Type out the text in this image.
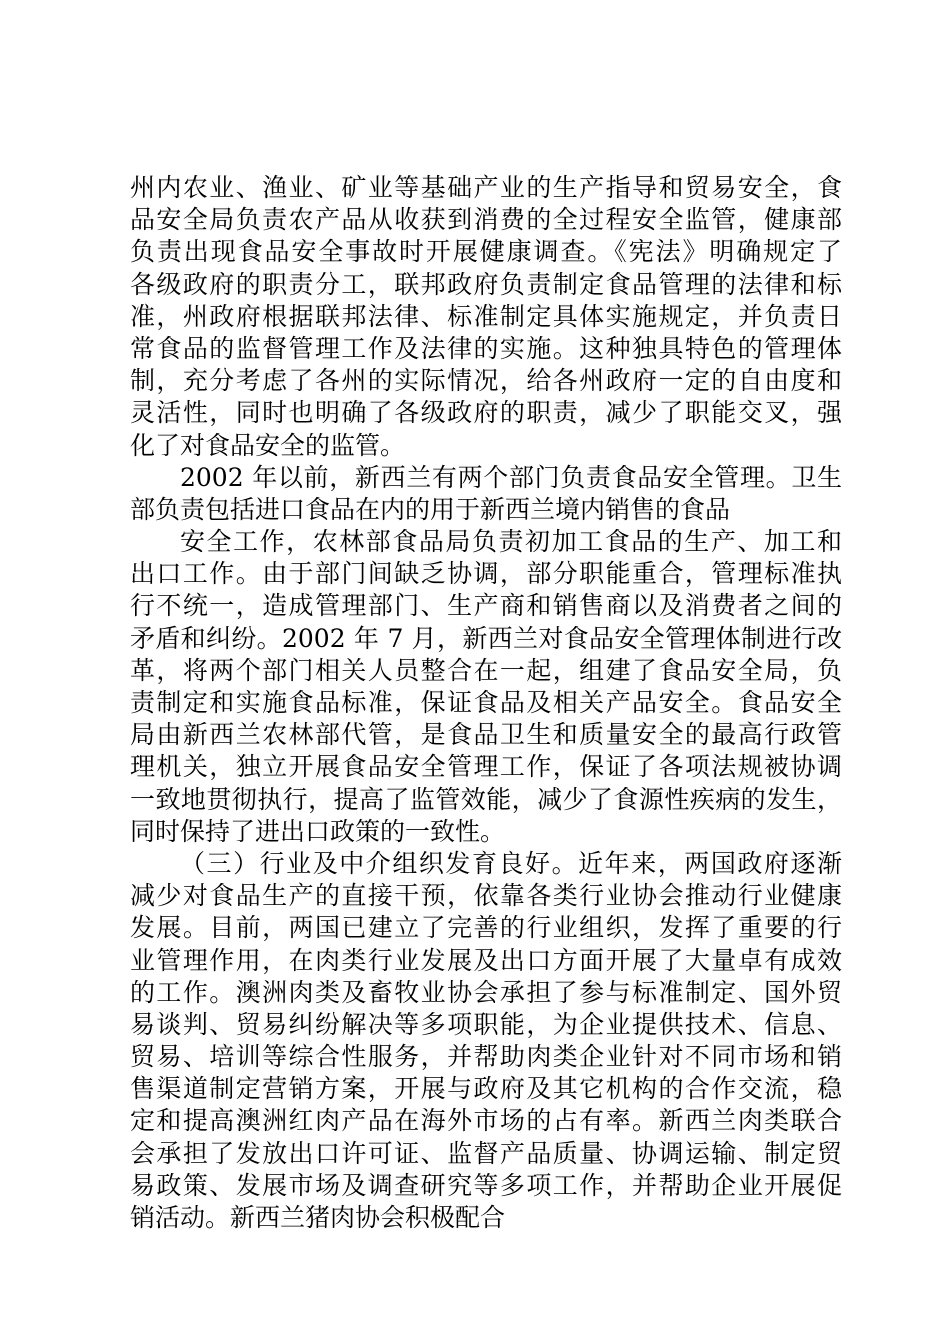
州内农业、渔业、矿业等基础产业的生产指导和贸易安全，食
品安全局负责农产品从收获到消费的全过程安全监管，健康部
负责出现食品安全事故时开展健康调查。《宪法》明确规定了
各级政府的职责分工，联邦政府负责制定食品管理的法律和标
准，州政府根据联邦法律、标准制定具体实施规定，并负责日
常食品的监督管理工作及法律的实施。这种独具特色的管理体
制，充分考虑了各州的实际情况，给各州政府一定的自由度和
灵活性，同时也明确了各级政府的职责，减少了职能交叉，强
化了对食品安全的监管。
2002 年以前，新西兰有两个部门负责食品安全管理。卫生
部负责包括进口食品在内的用于新西兰境内销售的食品
安全工作，农林部食品局负责初加工食品的生产、加工和
出口工作。由于部门间缺乏协调，部分职能重合，管理标准执
行不统一，造成管理部门、生产商和销售商以及消费者之间的
矛盾和纠纷。2002 年 7 月，新西兰对食品安全管理体制进行改
革，将两个部门相关人员整合在一起，组建了食品安全局，负
责制定和实施食品标准，保证食品及相关产品安全。食品安全
局由新西兰农林部代管，是食品卫生和质量安全的最高行政管
理机关，独立开展食品安全管理工作，保证了各项法规被协调
一致地贯彻执行，提高了监管效能，减少了食源性疾病的发生，
同时保持了进出口政策的一致性。
（三）行业及中介组织发育良好。近年来，两国政府逐渐
减少对食品生产的直接干预，依靠各类行业协会推动行业健康
发展。目前，两国已建立了完善的行业组织，发挥了重要的行
业管理作用，在肉类行业发展及出口方面开展了大量卓有成效
的工作。澳洲肉类及畜牧业协会承担了参与标准制定、国外贸
易谈判、贸易纠纷解决等多项职能，为企业提供技术、信息、
贸易、培训等综合性服务，并帮助肉类企业针对不同市场和销
售渠道制定营销方案，开展与政府及其它机构的合作交流，稳
定和提高澳洲红肉产品在海外市场的占有率。新西兰肉类联合
会承担了发放出口许可证、监督产品质量、协调运输、制定贸
易政策、发展市场及调查研究等多项工作，并帮助企业开展促
销活动。新西兰猪肉协会积极配合
